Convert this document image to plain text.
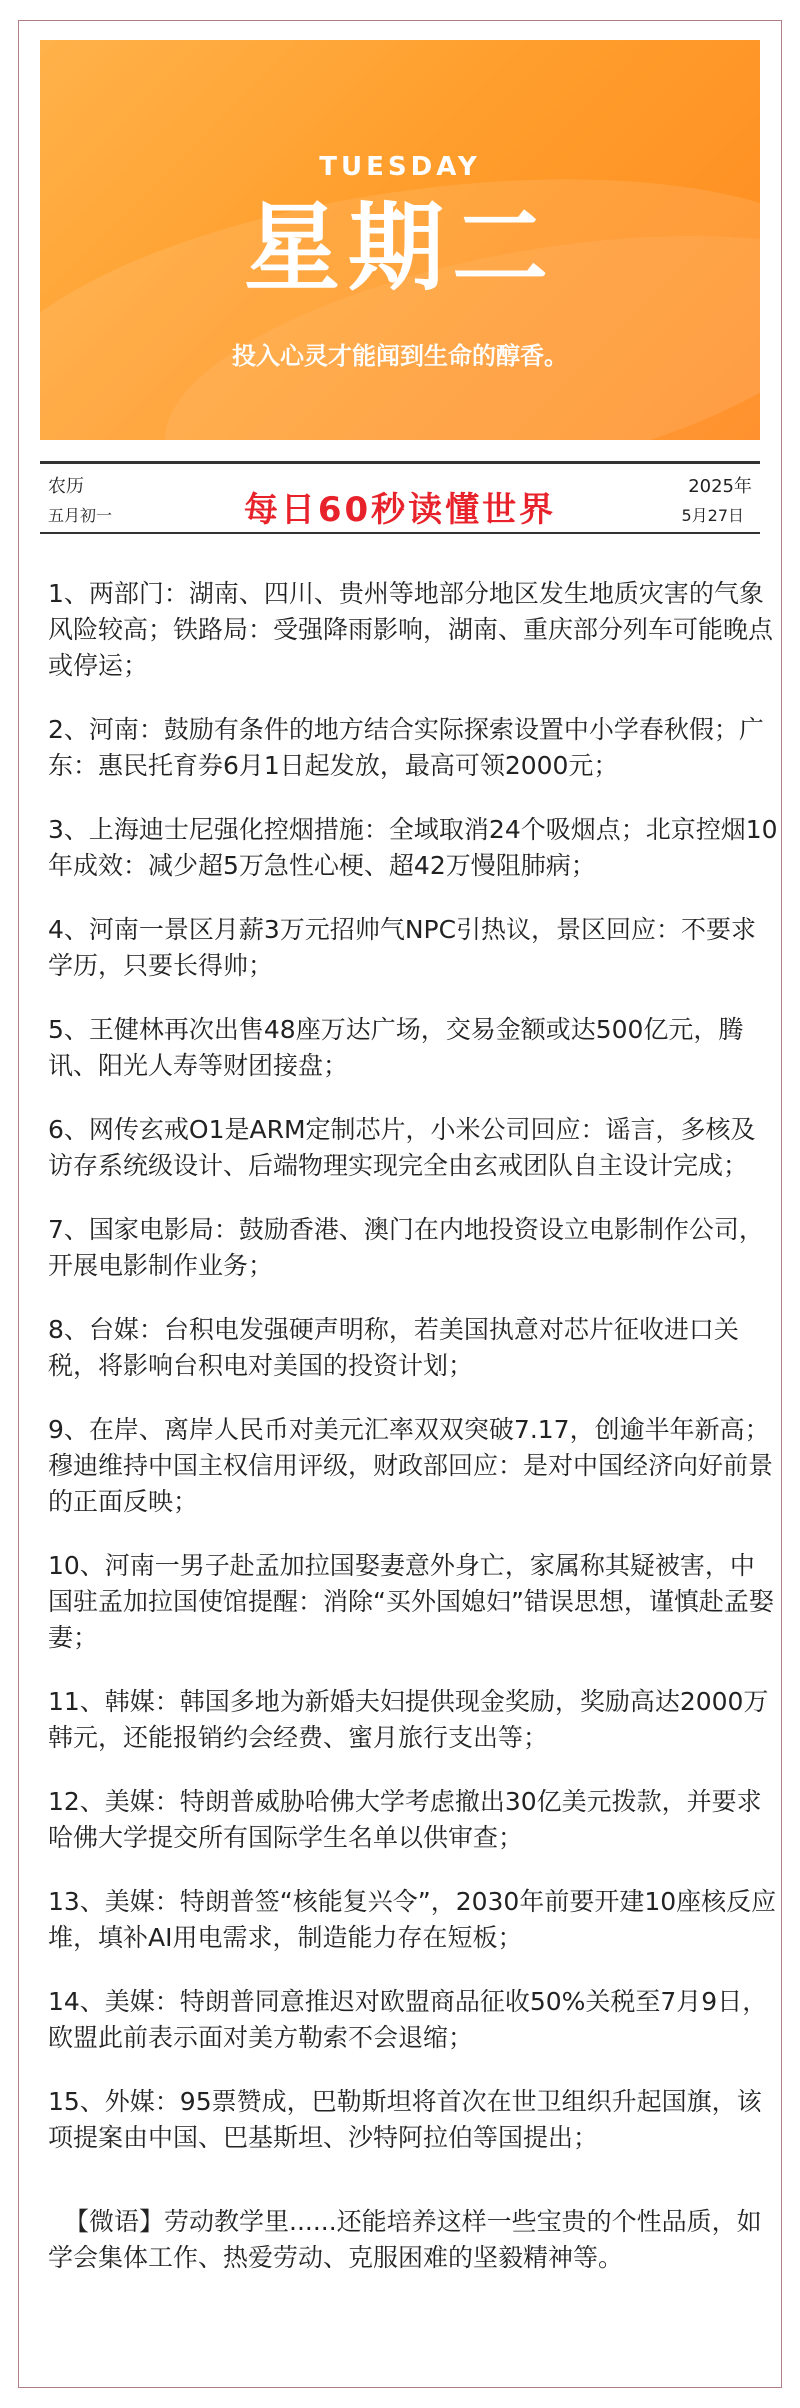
TUESDAY
星期二
投入心灵才能闻到生命的醇香。
农历
五月初一	每日60秒读懂世界
2025年
5月27日

1、两部门：湖南、四川、贵州等地部分地区发生地质灾害的气象风险较高；铁路局：受强降雨影响，湖南、重庆部分列车可能晚点或停运；

2、河南：鼓励有条件的地方结合实际探索设置中小学春秋假；广东：惠民托育券6月1日起发放，最高可领2000元；

3、上海迪士尼强化控烟措施：全域取消24个吸烟点；北京控烟10年成效：减少超5万急性心梗、超42万慢阻肺病；

4、河南一景区月薪3万元招帅气NPC引热议，景区回应：不要求学历，只要长得帅；

5、王健林再次出售48座万达广场，交易金额或达500亿元，腾讯、阳光人寿等财团接盘；

6、网传玄戒O1是ARM定制芯片，小米公司回应：谣言，多核及访存系统级设计、后端物理实现完全由玄戒团队自主设计完成；

7、国家电影局：鼓励香港、澳门在内地投资设立电影制作公司，开展电影制作业务；

8、台媒：台积电发强硬声明称，若美国执意对芯片征收进口关税，将影响台积电对美国的投资计划；

9、在岸、离岸人民币对美元汇率双双突破7.17，创逾半年新高；穆迪维持中国主权信用评级，财政部回应：是对中国经济向好前景的正面反映；

10、河南一男子赴孟加拉国娶妻意外身亡，家属称其疑被害，中国驻孟加拉国使馆提醒：消除“买外国媳妇”错误思想，谨慎赴孟娶妻；

11、韩媒：韩国多地为新婚夫妇提供现金奖励，奖励高达2000万韩元，还能报销约会经费、蜜月旅行支出等；

12、美媒：特朗普威胁哈佛大学考虑撤出30亿美元拨款，并要求哈佛大学提交所有国际学生名单以供审查；

13、美媒：特朗普签“核能复兴令”，2030年前要开建10座核反应堆，填补AI用电需求，制造能力存在短板；

14、美媒：特朗普同意推迟对欧盟商品征收50%关税至7月9日，欧盟此前表示面对美方勒索不会退缩；

15、外媒：95票赞成，巴勒斯坦将首次在世卫组织升起国旗，该项提案由中国、巴基斯坦、沙特阿拉伯等国提出；

【微语】劳动教学里......还能培养这样一些宝贵的个性品质，如学会集体工作、热爱劳动、克服困难的坚毅精神等。
